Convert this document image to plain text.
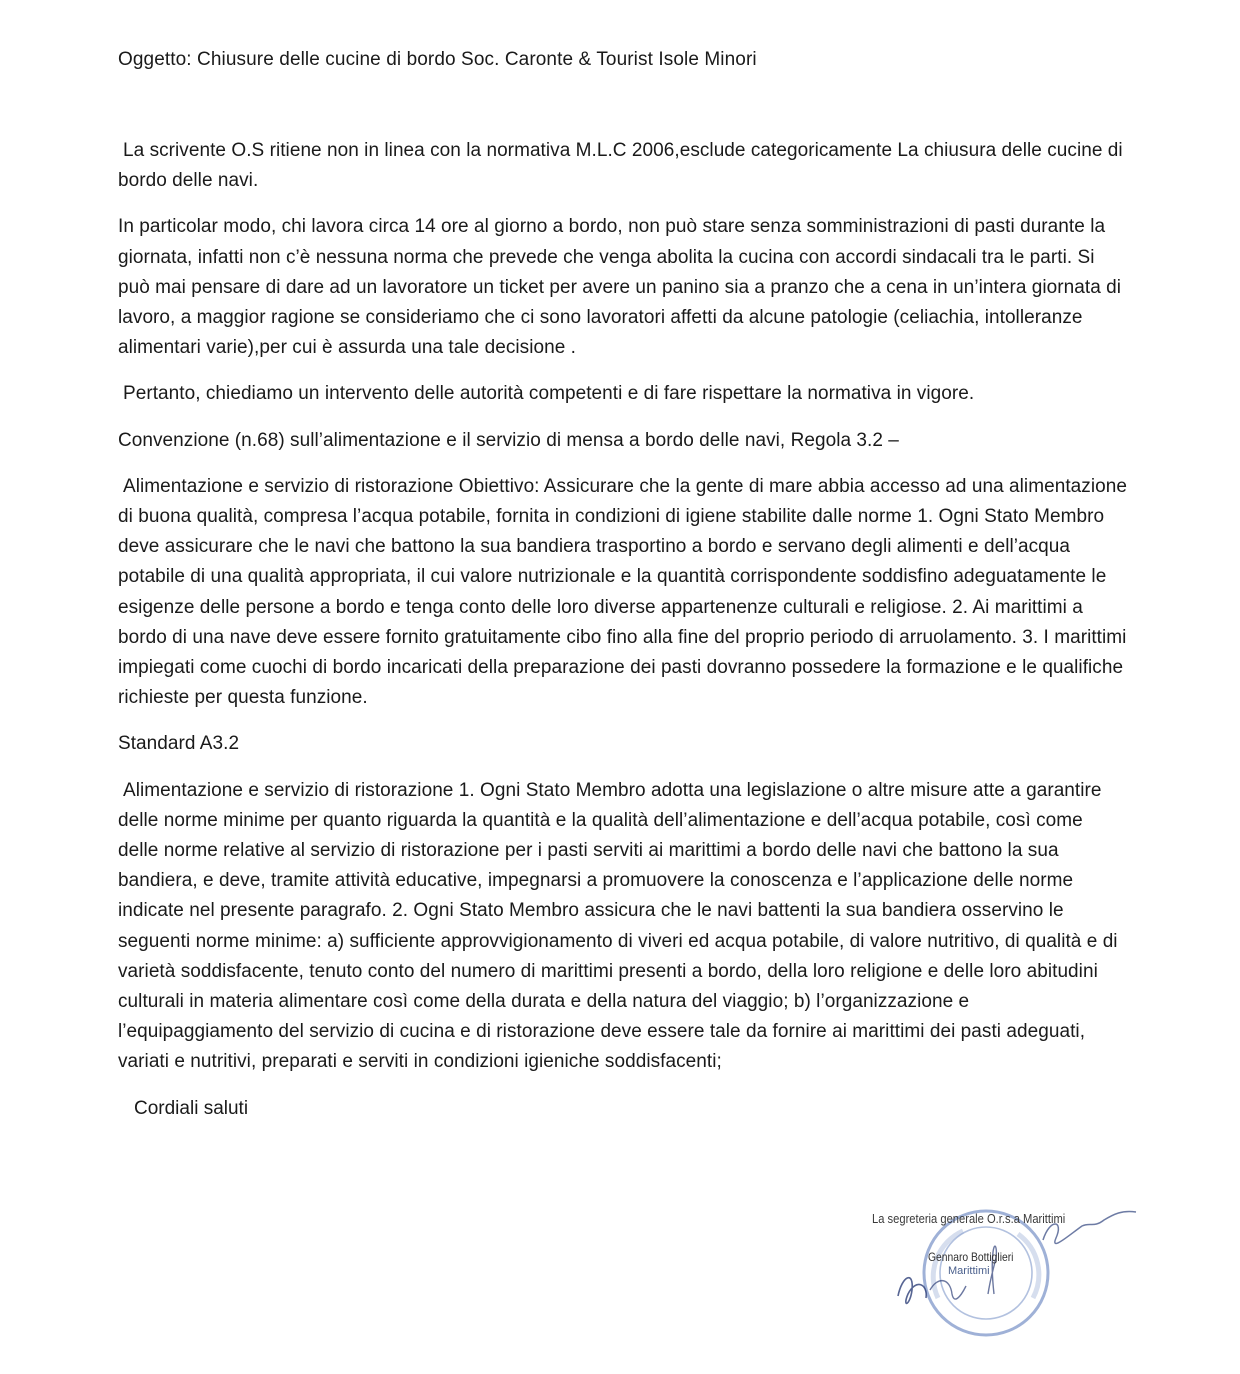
Oggetto: Chiusure delle cucine di bordo Soc. Caronte & Tourist Isole Minori

La scrivente O.S ritiene non in linea con la normativa M.L.C 2006,esclude categoricamente La chiusura delle cucine di bordo delle navi.

In particolar modo, chi lavora circa 14 ore al giorno a bordo, non può stare senza somministrazioni di pasti durante la giornata, infatti non c’è nessuna norma che prevede che venga abolita la cucina con accordi sindacali tra le parti. Si può mai pensare di dare ad un lavoratore un ticket per avere un panino sia a pranzo che a cena in un’intera giornata di lavoro, a maggior ragione se consideriamo che ci sono lavoratori affetti da alcune patologie (celiachia, intolleranze alimentari varie),per cui è assurda una tale decisione .

Pertanto, chiediamo un intervento delle autorità competenti e di fare rispettare la normativa in vigore.

Convenzione (n.68) sull’alimentazione e il servizio di mensa a bordo delle navi, Regola 3.2 –

Alimentazione e servizio di ristorazione Obiettivo: Assicurare che la gente di mare abbia accesso ad una alimentazione di buona qualità, compresa l’acqua potabile, fornita in condizioni di igiene stabilite dalle norme 1. Ogni Stato Membro deve assicurare che le navi che battono la sua bandiera trasportino a bordo e servano degli alimenti e dell’acqua potabile di una qualità appropriata, il cui valore nutrizionale e la quantità corrispondente soddisfino adeguatamente le esigenze delle persone a bordo e tenga conto delle loro diverse appartenenze culturali e religiose. 2. Ai marittimi a bordo di una nave deve essere fornito gratuitamente cibo fino alla fine del proprio periodo di arruolamento. 3. I marittimi impiegati come cuochi di bordo incaricati della preparazione dei pasti dovranno possedere la formazione e le qualifiche richieste per questa funzione.

Standard A3.2

Alimentazione e servizio di ristorazione 1. Ogni Stato Membro adotta una legislazione o altre misure atte a garantire delle norme minime per quanto riguarda la quantità e la qualità dell’alimentazione e dell’acqua potabile, così come delle norme relative al servizio di ristorazione per i pasti serviti ai marittimi a bordo delle navi che battono la sua bandiera, e deve, tramite attività educative, impegnarsi a promuovere la conoscenza e l’applicazione delle norme indicate nel presente paragrafo. 2. Ogni Stato Membro assicura che le navi battenti la sua bandiera osservino le seguenti norme minime: a) sufficiente approvvigionamento di viveri ed acqua potabile, di valore nutritivo, di qualità e di varietà soddisfacente, tenuto conto del numero di marittimi presenti a bordo, della loro religione e delle loro abitudini culturali in materia alimentare così come della durata e della natura del viaggio; b) l’organizzazione e l’equipaggiamento del servizio di cucina e di ristorazione deve essere tale da fornire ai marittimi dei pasti adeguati, variati e nutritivi, preparati e serviti in condizioni igieniche soddisfacenti;

Cordiali saluti

La segreteria generale O.r.s.a Marittimi
Gennaro Bottiglieri
Marittimi
